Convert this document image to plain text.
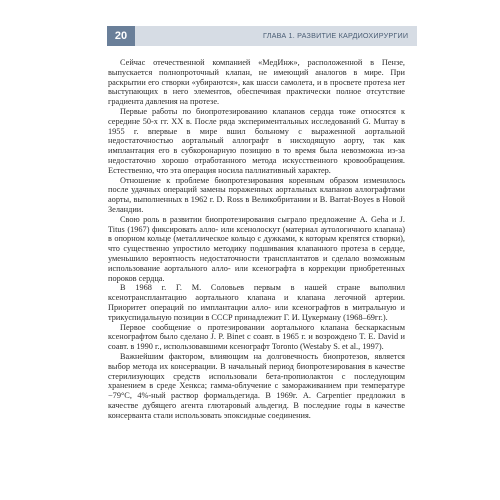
20	ГЛАВА 1. РАЗВИТИЕ КАРДИОХИРУРГИИ

Сейчас отечественной компанией «МедИнж», расположенной в Пензе, выпускается полнопроточный клапан, не имеющий аналогов в мире. При раскрытии его створки «убираются», как шасси самолета, и в просвете протеза нет выступающих в него элементов, обеспечивая практически полное отсутствие градиента давления на протезе.

Первые работы по биопротезированию клапанов сердца тоже относятся к середине 50-х гг. XX в. После ряда экспериментальных исследований G. Murray в 1955 г. впервые в мире вшил больному с выраженной аортальной недостаточностью аортальный аллографт в нисходящую аорту, так как имплантация его в субкоронарную позицию в то время была невозможна из-за недостаточно хорошо отработанного метода искусственного кровообращения. Естественно, что эта операция носила паллиативный характер.

Отношение к проблеме биопротезирования коренным образом изменилось после удачных операций замены пораженных аортальных клапанов аллографтами аорты, выполненных в 1962 г. D. Ross в Великобритании и B. Barrat-Boyes в Новой Зеландии.

Свою роль в развитии биопротезирования сыграло предложение A. Geha и J. Titus (1967) фиксировать алло- или ксенолоскут (материал аутологичного клапана) в опорном кольце (металлическое кольцо с дужками, к которым крепятся створки), что существенно упростило методику подшивания клапанного протеза в сердце, уменьшило вероятность недостаточности трансплантатов и сделало возможным использование аортального алло- или ксенографта в коррекции приобретенных пороков сердца.

В 1968 г. Г. М. Соловьев первым в нашей стране выполнил ксенотрансплантацию аортального клапана и клапана легочной артерии. Приоритет операций по имплантации алло- или ксенографтов в митральную и трикуспидальную позиции в СССР принадлежит Г. И. Цукерману (1968–69гг.).

Первое сообщение о протезировании аортального клапана бескаркасным ксенографтом было сделано J. P. Binet с соавт. в 1965 г. и возрождено T. E. David и соавт. в 1990 г., использовавшими ксенографт Toronto (Westaby S. et al., 1997).

Важнейшим фактором, влияющим на долговечность биопротезов, является выбор метода их консервации. В начальный период биопротезирования в качестве стерилизующих средств использовали бета-пропиолактон с последующим хранением в среде Хенкса; гамма-облучение с замораживанием при температуре −79°С, 4%-ный раствор формальдегида. В 1969г. A. Carpentier предложил в качестве дубящего агента глютаровый альдегид. В последние годы в качестве консерванта стали использовать эпоксидные соединения.
